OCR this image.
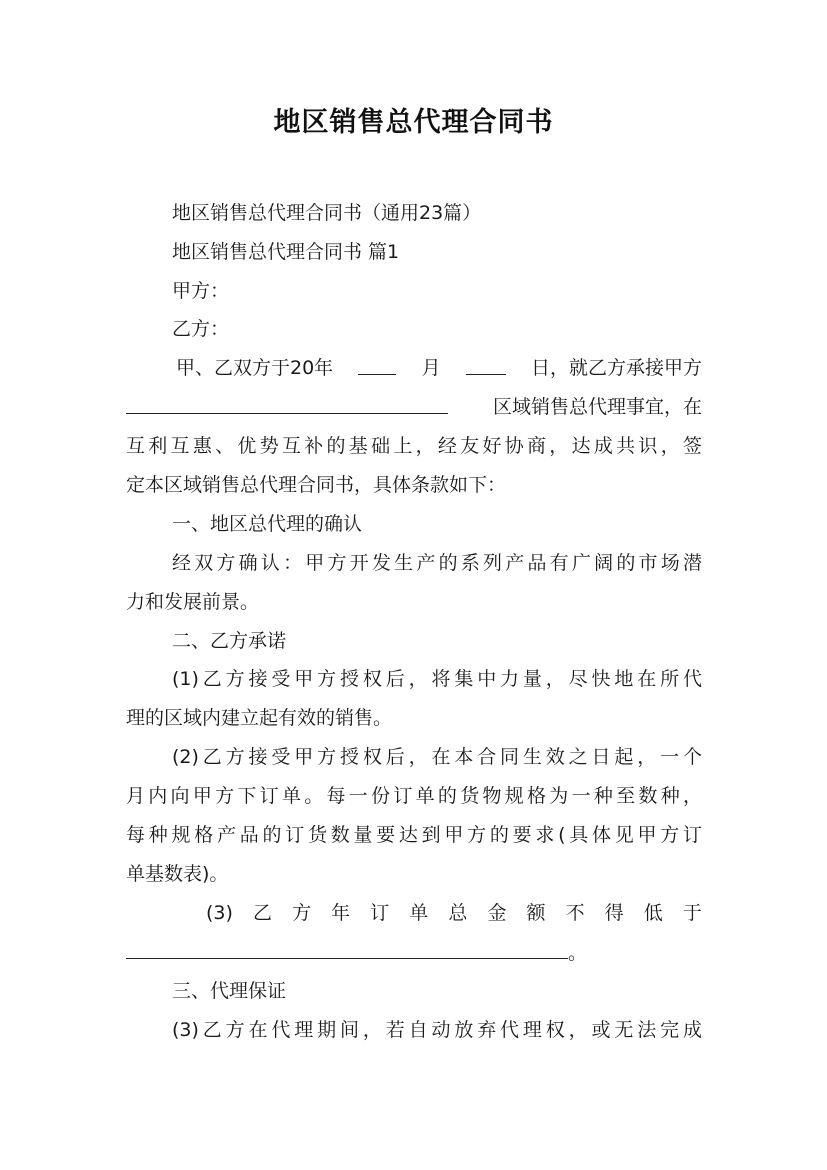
地区销售总代理合同书
地区销售总代理合同书（通用23篇）
地区销售总代理合同书 篇1
甲方：
乙方：
甲、乙双方于20年	月	日，就乙方承接甲方
区域销售总代理事宜，在
互利互惠、优势互补的基础上，经友好协商，达成共识，签
定本区域销售总代理合同书，具体条款如下：
一、地区总代理的确认
经双方确认：甲方开发生产的系列产品有广阔的市场潜
力和发展前景。
二、乙方承诺
(1)乙方接受甲方授权后，将集中力量，尽快地在所代
理的区域内建立起有效的销售。
(2)乙方接受甲方授权后，在本合同生效之日起，一个
月内向甲方下订单。每一份订单的货物规格为一种至数种，
每种规格产品的订货数量要达到甲方的要求(具体见甲方订
单基数表)。
(3) 乙 方 年 订 单 总 金 额 不 得 低 于
。
三、代理保证
(3)乙方在代理期间，若自动放弃代理权，或无法完成
